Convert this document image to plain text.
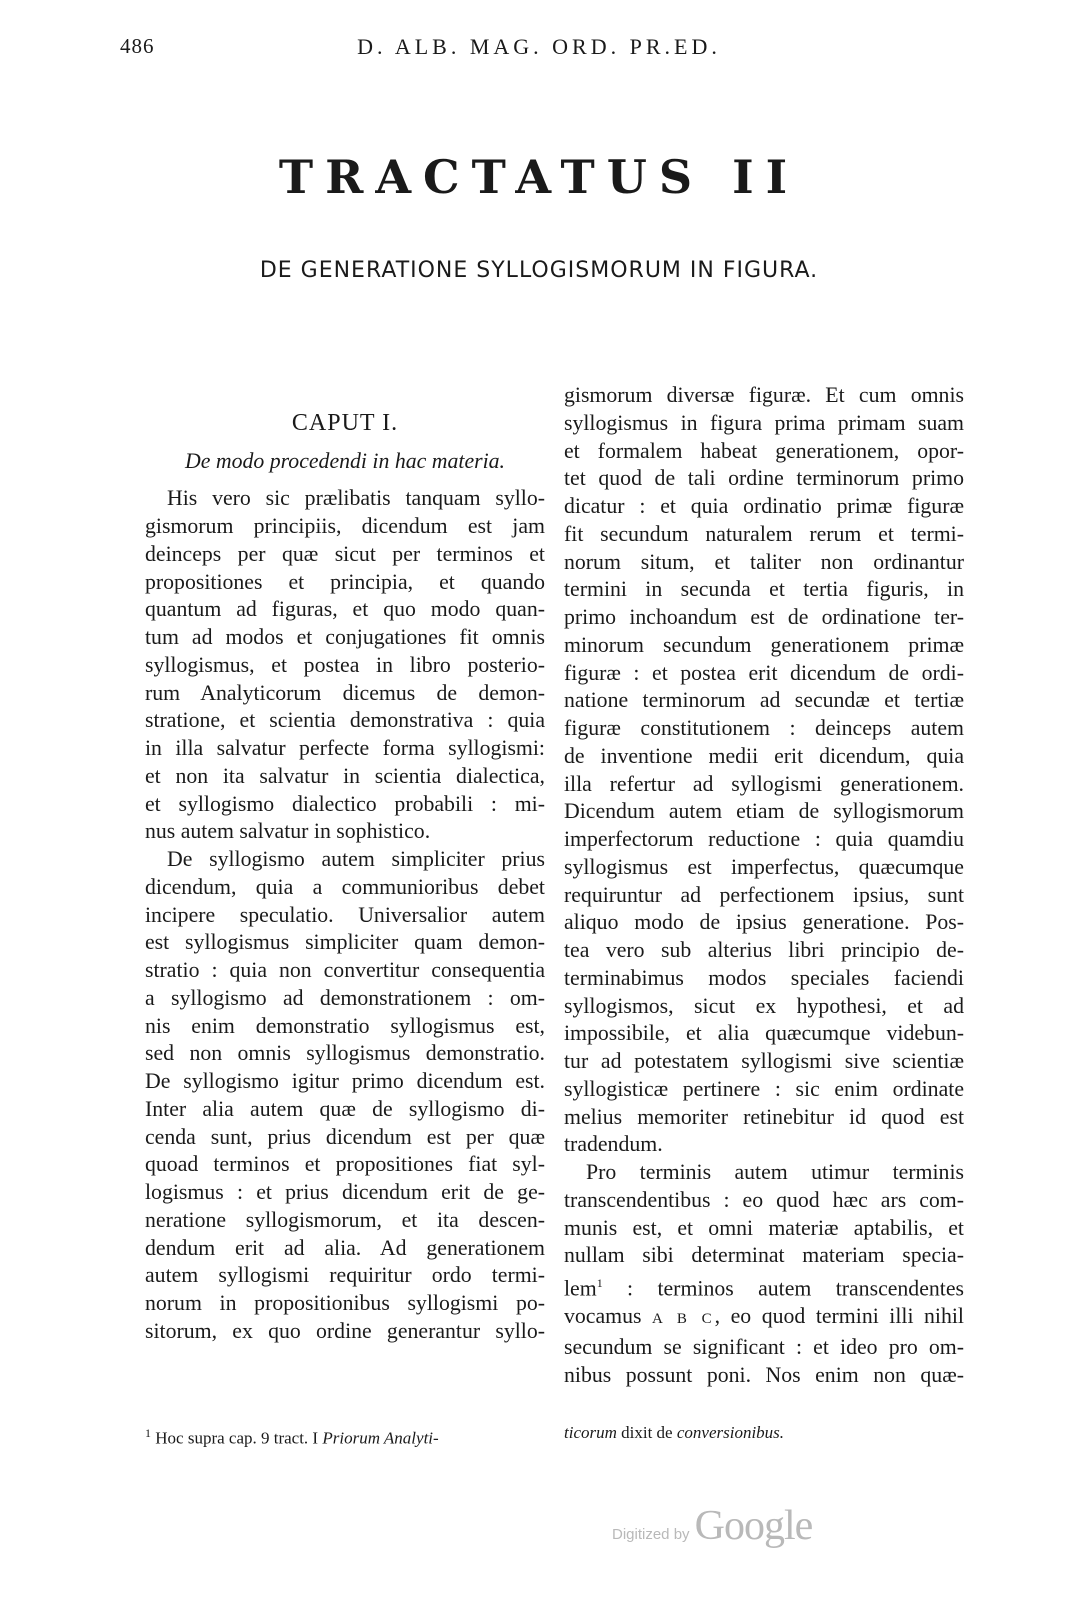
486	D. ALB. MAG. ORD. PR.ED.
TRACTATUS II
DE GENERATIONE SYLLOGISMORUM IN FIGURA.
CAPUT I.
De modo procedendi in hac materia.
His vero sic prælibatis tanquam syllo-
gismorum principiis, dicendum est jam
deinceps per quæ sicut per terminos et
propositiones et principia, et quando
quantum ad figuras, et quo modo quan-
tum ad modos et conjugationes fit omnis
syllogismus, et postea in libro posterio-
rum Analyticorum dicemus de demon-
stratione, et scientia demonstrativa : quia
in illa salvatur perfecte forma syllogismi:
et non ita salvatur in scientia dialectica,
et syllogismo dialectico probabili : mi-
nus autem salvatur in sophistico.
De syllogismo autem simpliciter prius
dicendum, quia a communioribus debet
incipere speculatio. Universalior autem
est syllogismus simpliciter quam demon-
stratio : quia non convertitur consequentia
a syllogismo ad demonstrationem : om-
nis enim demonstratio syllogismus est,
sed non omnis syllogismus demonstratio.
De syllogismo igitur primo dicendum est.
Inter alia autem quæ de syllogismo di-
cenda sunt, prius dicendum est per quæ
quoad terminos et propositiones fiat syl-
logismus : et prius dicendum erit de ge-
neratione syllogismorum, et ita descen-
dendum erit ad alia. Ad generationem
autem syllogismi requiritur ordo termi-
norum in propositionibus syllogismi po-
sitorum, ex quo ordine generantur syllo-
gismorum diversæ figuræ. Et cum omnis
syllogismus in figura prima primam suam
et formalem habeat generationem, opor-
tet quod de tali ordine terminorum primo
dicatur : et quia ordinatio primæ figuræ
fit secundum naturalem rerum et termi-
norum situm, et taliter non ordinantur
termini in secunda et tertia figuris, in
primo inchoandum est de ordinatione ter-
minorum secundum generationem primæ
figuræ : et postea erit dicendum de ordi-
natione terminorum ad secundæ et tertiæ
figuræ constitutionem : deinceps autem
de inventione medii erit dicendum, quia
illa refertur ad syllogismi generationem.
Dicendum autem etiam de syllogismorum
imperfectorum reductione : quia quamdiu
syllogismus est imperfectus, quæcumque
requiruntur ad perfectionem ipsius, sunt
aliquo modo de ipsius generatione. Pos-
tea vero sub alterius libri principio de-
terminabimus modos speciales faciendi
syllogismos, sicut ex hypothesi, et ad
impossibile, et alia quæcumque videbun-
tur ad potestatem syllogismi sive scientiæ
syllogisticæ pertinere : sic enim ordinate
melius memoriter retinebitur id quod est
tradendum.
Pro terminis autem utimur terminis
transcendentibus : eo quod hæc ars com-
munis est, et omni materiæ aptabilis, et
nullam sibi determinat materiam specia-
lem$^1$ : terminos autem transcendentes
vocamus A B C, eo quod termini illi nihil
secundum se significant : et ideo pro om-
nibus possunt poni. Nos enim non quæ-
$^1$ Hoc supra cap. 9 tract. I Priorum Analyti-	ticorum dixit de conversionibus.
Digitized by Google
